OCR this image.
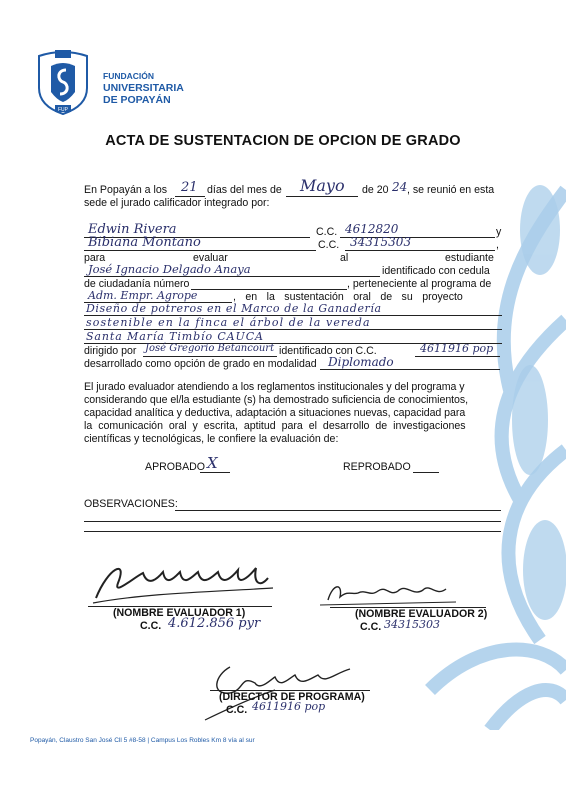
FUP
FUNDACIÓN
UNIVERSITARIA
DE POPAYÁN
ACTA DE SUSTENTACION DE OPCION DE GRADO
En Popayán a los 21 días del mes de Mayo de 20 24 , se reunió en esta
sede el jurado calificador integrado por:
Edwin Rivera	C.C. 4612820	y
Bibiana Montano	C.C. 34315303	,
para	evaluar	al	estudiante
José Ignacio Delgado Anaya	identificado con cedula
de ciudadanía número	, perteneciente al programa de
Adm. Empr. Agrope	, en la sustentación oral de su proyecto
Diseño de potreros en el Marco de la Ganadería
sostenible en la finca el árbol de la vereda
Santa María Timbío CAUCA
dirigido por José Gregorio Betancourt identificado con C.C.	4611916 pop
desarrollado como opción de grado en modalidad Diplomado
El jurado evaluador atendiendo a los reglamentos institucionales y del programa y
considerando que el/la estudiante (s) ha demostrado suficiencia de conocimientos,
capacidad analítica y deductiva, adaptación a situaciones nuevas, capacidad para
la comunicación oral y escrita, aptitud para el desarrollo de investigaciones
científicas y tecnológicas, le confiere la evaluación de:
APROBADO X	REPROBADO
OBSERVACIONES:
(NOMBRE EVALUADOR 1)
C.C. 4.612.856 pyr
(NOMBRE EVALUADOR 2)
C.C. 34315303
(DIRECTOR DE PROGRAMA)
C.C. 4611916 pop
Popayán, Claustro San José Cll 5 #8-58 | Campus Los Robles Km 8 vía al sur
